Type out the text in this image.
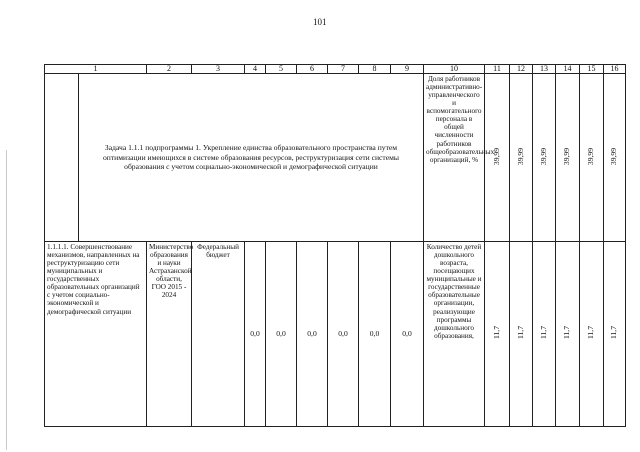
101
1		2	3	4	5	6	7	8	9	10	11	12	13	14	15	16
	Задача 1.1.1 подпрограммы 1. Укрепление единства образовательного пространства путем оптимизации имеющихся в системе образования ресурсов, реструктуризация сети системы образования с учетом социально-экономической и демографической ситуации									Доля работников административно-управленческого и вспомогательного персонала в общей численности работников общеобразовательных организаций, %	39,99	39,99	39,99	39,99	39,99	39,99
1.1.1.1. Совершенствование механизмов, направленных на реструктуризацию сети муниципальных и государственных образовательных организаций с учетом социально-экономической и демографической ситуации		Министерство образования и науки Астраханской области, ГОО 2015 - 2024	Федеральный бюджет	0,0	0,0	0,0	0,0	0,0	0,0	Количество детей дошкольного возраста, посещающих муниципальные и государственные образовательные организации, реализующие программы дошкольного образования,	11,7	11,7	11,7	11,7	11,7	11,7
